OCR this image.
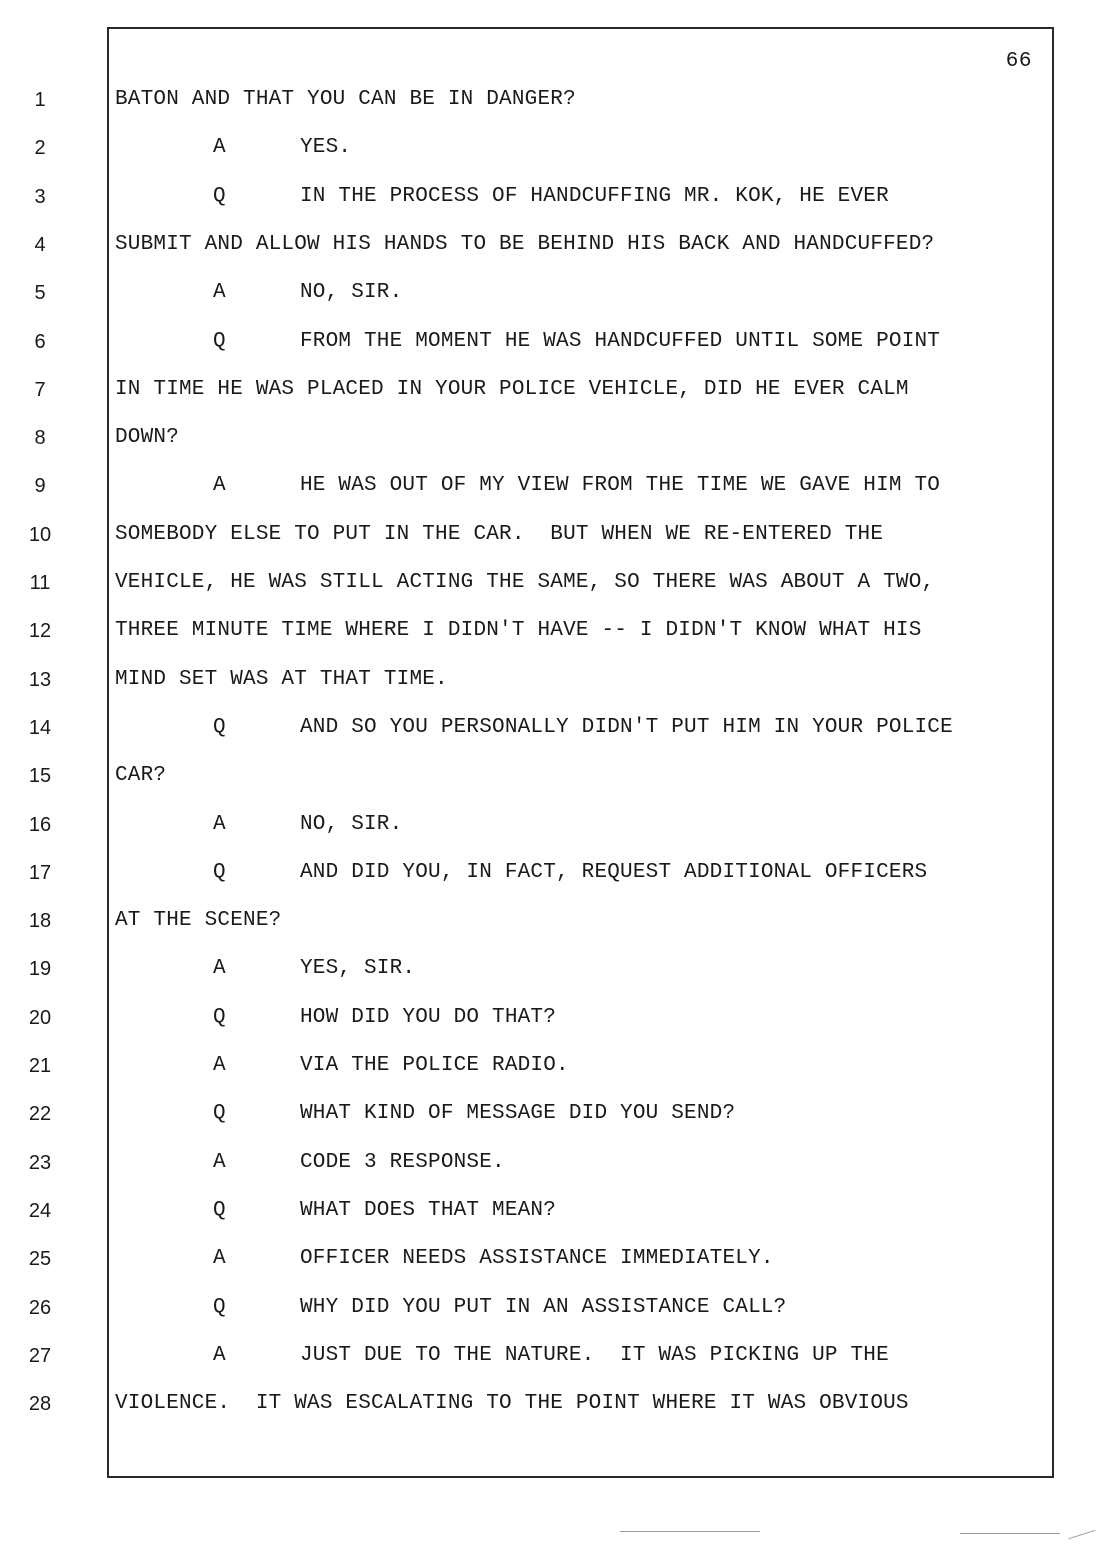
66
1
2
3
4
5
6
7
8
9
10
11
12
13
14
15
16
17
18
19
20
21
22
23
24
25
26
27
28
BATON AND THAT YOU CAN BE IN DANGER?
A	YES.
Q	IN THE PROCESS OF HANDCUFFING MR. KOK, HE EVER
SUBMIT AND ALLOW HIS HANDS TO BE BEHIND HIS BACK AND HANDCUFFED?
A	NO, SIR.
Q	FROM THE MOMENT HE WAS HANDCUFFED UNTIL SOME POINT
IN TIME HE WAS PLACED IN YOUR POLICE VEHICLE, DID HE EVER CALM
DOWN?
A	HE WAS OUT OF MY VIEW FROM THE TIME WE GAVE HIM TO
SOMEBODY ELSE TO PUT IN THE CAR.  BUT WHEN WE RE-ENTERED THE
VEHICLE, HE WAS STILL ACTING THE SAME, SO THERE WAS ABOUT A TWO,
THREE MINUTE TIME WHERE I DIDN'T HAVE -- I DIDN'T KNOW WHAT HIS
MIND SET WAS AT THAT TIME.
Q	AND SO YOU PERSONALLY DIDN'T PUT HIM IN YOUR POLICE
CAR?
A	NO, SIR.
Q	AND DID YOU, IN FACT, REQUEST ADDITIONAL OFFICERS
AT THE SCENE?
A	YES, SIR.
Q	HOW DID YOU DO THAT?
A	VIA THE POLICE RADIO.
Q	WHAT KIND OF MESSAGE DID YOU SEND?
A	CODE 3 RESPONSE.
Q	WHAT DOES THAT MEAN?
A	OFFICER NEEDS ASSISTANCE IMMEDIATELY.
Q	WHY DID YOU PUT IN AN ASSISTANCE CALL?
A	JUST DUE TO THE NATURE.  IT WAS PICKING UP THE
VIOLENCE.  IT WAS ESCALATING TO THE POINT WHERE IT WAS OBVIOUS
